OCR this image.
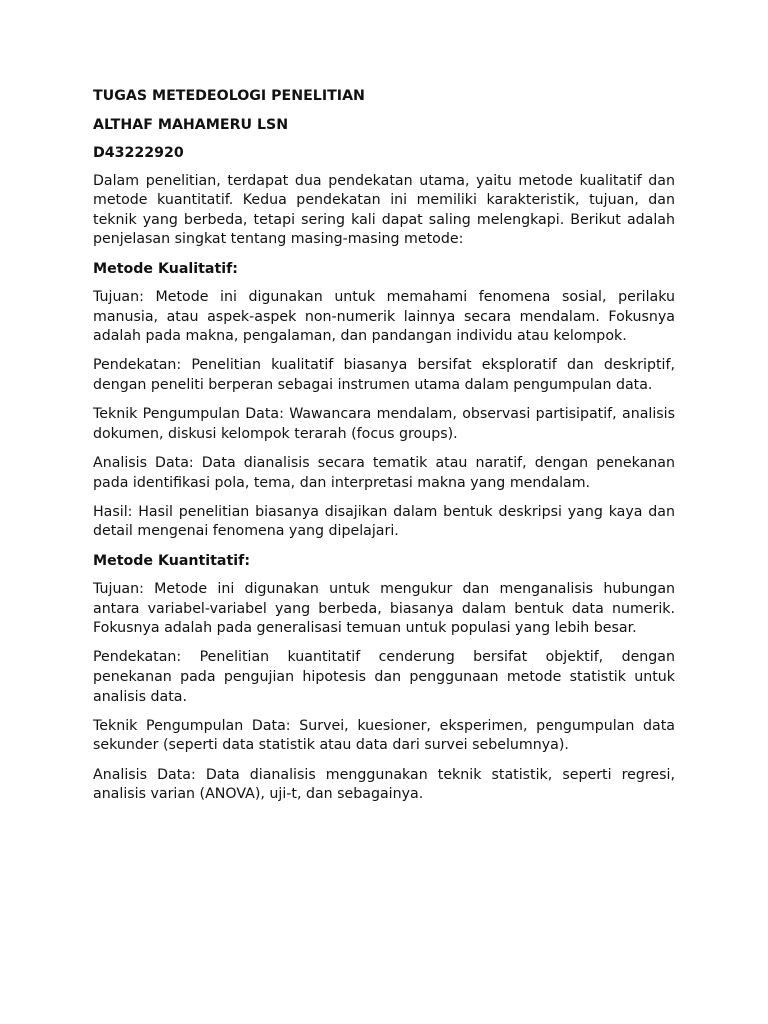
TUGAS METEDEOLOGI PENELITIAN
ALTHAF MAHAMERU LSN
D43222920

Dalam penelitian, terdapat dua pendekatan utama, yaitu metode kualitatif dan metode kuantitatif. Kedua pendekatan ini memiliki karakteristik, tujuan, dan teknik yang berbeda, tetapi sering kali dapat saling melengkapi. Berikut adalah penjelasan singkat tentang masing-masing metode:

Metode Kualitatif:

Tujuan: Metode ini digunakan untuk memahami fenomena sosial, perilaku manusia, atau aspek-aspek non-numerik lainnya secara mendalam. Fokusnya adalah pada makna, pengalaman, dan pandangan individu atau kelompok.

Pendekatan: Penelitian kualitatif biasanya bersifat eksploratif dan deskriptif, dengan peneliti berperan sebagai instrumen utama dalam pengumpulan data.

Teknik Pengumpulan Data: Wawancara mendalam, observasi partisipatif, analisis dokumen, diskusi kelompok terarah (focus groups).

Analisis Data: Data dianalisis secara tematik atau naratif, dengan penekanan pada identifikasi pola, tema, dan interpretasi makna yang mendalam.

Hasil: Hasil penelitian biasanya disajikan dalam bentuk deskripsi yang kaya dan detail mengenai fenomena yang dipelajari.

Metode Kuantitatif:

Tujuan: Metode ini digunakan untuk mengukur dan menganalisis hubungan antara variabel-variabel yang berbeda, biasanya dalam bentuk data numerik. Fokusnya adalah pada generalisasi temuan untuk populasi yang lebih besar.

Pendekatan: Penelitian kuantitatif cenderung bersifat objektif, dengan penekanan pada pengujian hipotesis dan penggunaan metode statistik untuk analisis data.

Teknik Pengumpulan Data: Survei, kuesioner, eksperimen, pengumpulan data sekunder (seperti data statistik atau data dari survei sebelumnya).

Analisis Data: Data dianalisis menggunakan teknik statistik, seperti regresi, analisis varian (ANOVA), uji-t, dan sebagainya.
